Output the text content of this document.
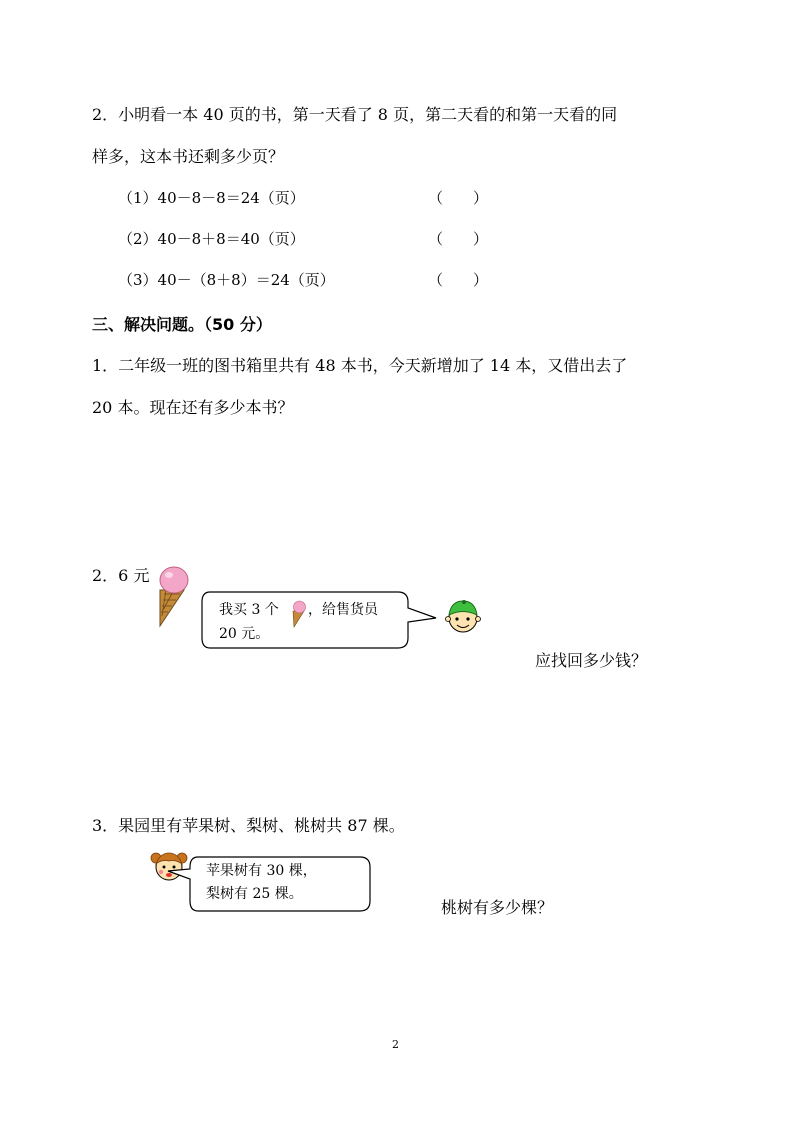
2．小明看一本 40 页的书，第一天看了 8 页，第二天看的和第一天看的同
样多，这本书还剩多少页？
（1）40－8－8＝24（页）	（　　）
（2）40－8＋8＝40（页）	（　　）
（3）40－（8＋8）＝24（页）	（　　）
三、解决问题。（50 分）
1．二年级一班的图书箱里共有 48 本书，今天新增加了 14 本，又借出去了
20 本。现在还有多少本书？
2．6 元
我买 3 个 ，给售货员
20 元。
应找回多少钱？
3．果园里有苹果树、梨树、桃树共 87 棵。
苹果树有 30 棵，
梨树有 25 棵。
桃树有多少棵？
2
